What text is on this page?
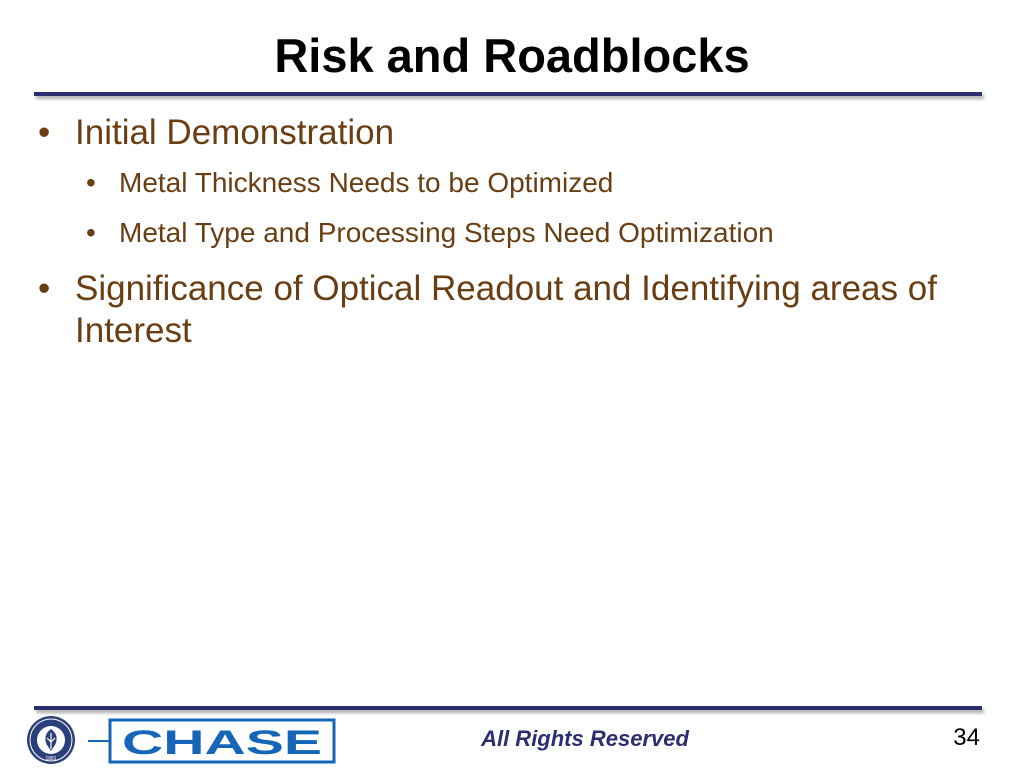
Risk and Roadblocks
• Initial Demonstration
• Metal Thickness Needs to be Optimized
• Metal Type and Processing Steps Need Optimization
• Significance of Optical Readout and Identifying areas of Interest
1881 CHASE	All Rights Reserved	34
